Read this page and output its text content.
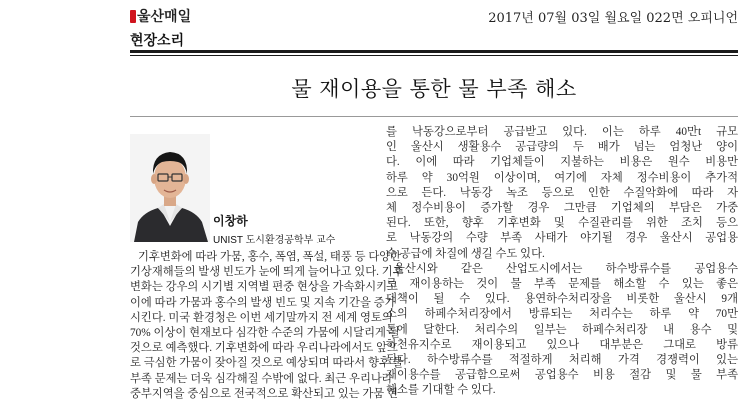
울산매일	2017년 07월 03일 월요일 022면 오피니언
현장소리
물 재이용을 통한 물 부족 해소
이창하
UNIST 도시환경공학부 교수
기후변화에 따라 가뭄, 홍수, 폭염, 폭설, 태풍 등 다양한
기상재해들의 발생 빈도가 눈에 띄게 늘어나고 있다. 기후
변화는 강우의 시기별 지역별 편중 현상을 가속화시키고
이에 따라 가뭄과 홍수의 발생 빈도 및 지속 기간을 증가
시킨다. 미국 환경청은 이번 세기말까지 전 세계 영토의
70% 이상이 현재보다 심각한 수준의 가뭄에 시달리게 될
것으로 예측했다. 기후변화에 따라 우리나라에서도 앞으
로 극심한 가뭄이 잦아질 것으로 예상되며 따라서 향후 물
부족 문제는 더욱 심각해질 수밖에 없다. 최근 우리나라
중부지역을 중심으로 전국적으로 확산되고 있는 가뭄 현
를 낙동강으로부터 공급받고 있다. 이는 하루 40만t 규모
인 울산시 생활용수 공급량의 두 배가 넘는 엄청난 양이
다. 이에 따라 기업체들이 지불하는 비용은 원수 비용만
하루 약 30억원 이상이며, 여기에 자체 정수비용이 추가적
으로 든다. 낙동강 녹조 등으로 인한 수질악화에 따라 자
체 정수비용이 증가할 경우 그만큼 기업체의 부담은 가중
된다. 또한, 향후 기후변화 및 수질관리를 위한 조치 등으
로 낙동강의 수량 부족 사태가 야기될 경우 울산시 공업용
수 공급에 차질에 생길 수도 있다.
울산시와 같은 산업도시에서는 하수방류수를 공업용수
로 재이용하는 것이 물 부족 문제를 해소할 수 있는 좋은
대책이 될 수 있다. 용연하수처리장을 비롯한 울산시 9개
소의 하페수처리장에서 방류되는 처리수는 하루 약 70만
톤에 달한다. 처리수의 일부는 하페수처리장 내 용수 및
하천유지수로 재이용되고 있으나 대부분은 그대로 방류
된다. 하수방류수를 적절하게 처리해 가격 경쟁력이 있는
재이용수를 공급함으로써 공업용수 비용 절감 및 물 부족
해소를 기대할 수 있다.
